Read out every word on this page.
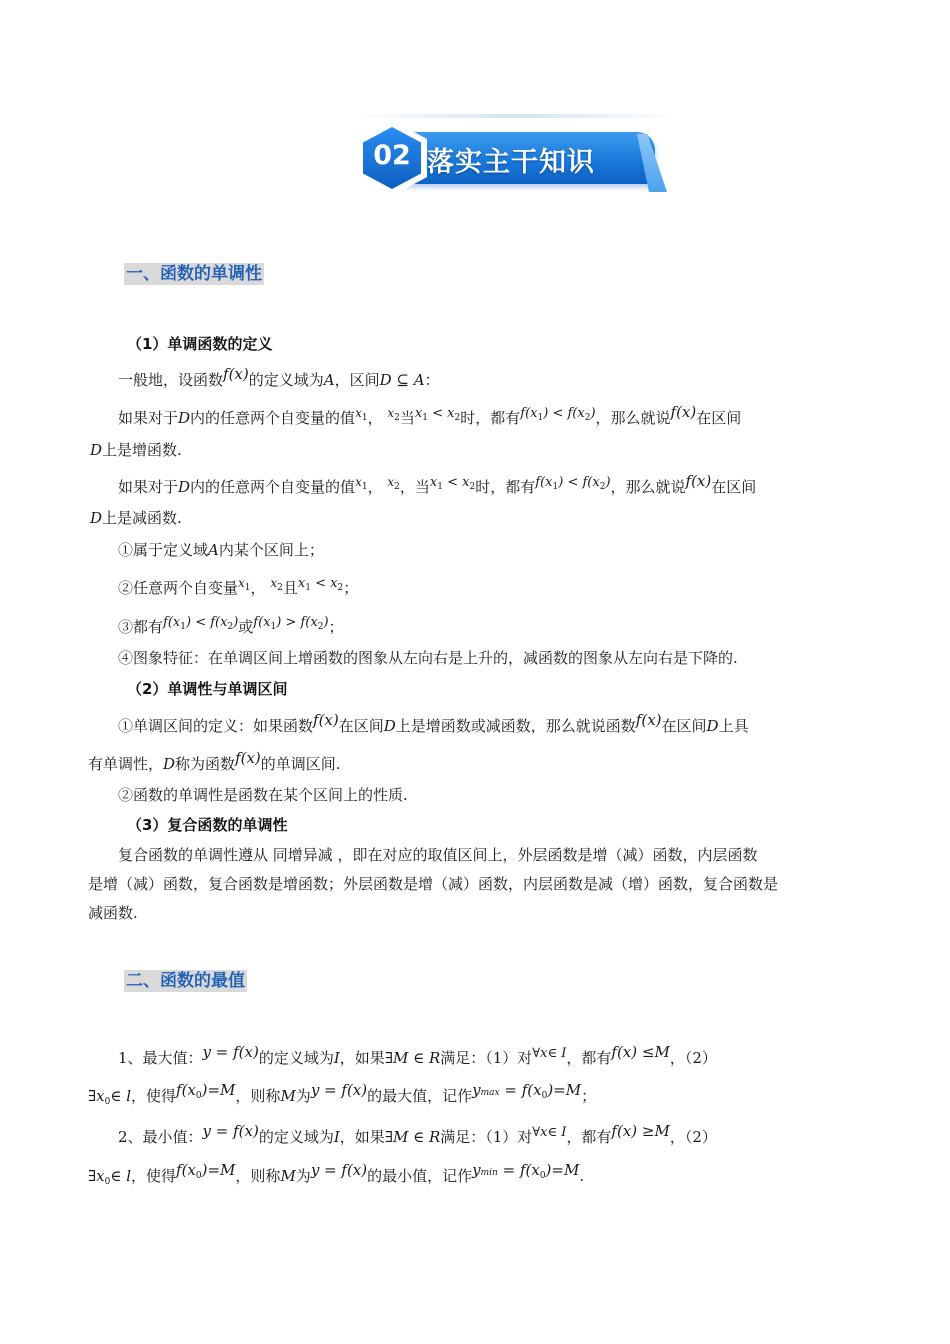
02 落实主干知识
一、函数的单调性
（1）单调函数的定义
一般地，设函数f(x)的定义域为A，区间D ⊆ A：
如果对于D内的任意两个自变量的值$^{x_1}$， $^{x_2}$当$x_1 < x_2$时，都有$f(x_1) < f(x_2)$，那么就说f(x)在区间
D上是增函数.
如果对于D内的任意两个自变量的值$^{x_1}$， $^{x_2}$，当$x_1 < x_2$时，都有$f(x_1) < f(x_2)$，那么就说f(x)在区间
D上是减函数.
①属于定义域A内某个区间上；
②任意两个自变量$^{x_1}$， $^{x_2}$且$x_1 < x_2$；
③都有$f(x_1) < f(x_2)$或$f(x_1) > f(x_2)$；
④图象特征：在单调区间上增函数的图象从左向右是上升的，减函数的图象从左向右是下降的.
（2）单调性与单调区间
①单调区间的定义：如果函数f(x)在区间D上是增函数或减函数，那么就说函数f(x)在区间D上具
有单调性，D称为函数f(x)的单调区间.
②函数的单调性是函数在某个区间上的性质.
（3）复合函数的单调性
复合函数的单调性遵从 同增异减 ，即在对应的取值区间上，外层函数是增（减）函数，内层函数
是增（减）函数，复合函数是增函数；外层函数是增（减）函数，内层函数是减（增）函数，复合函数是
减函数.
二、函数的最值
1、最大值：y = f(x)的定义域为I，如果∃M ∈ R满足：（1）对∀x∈ I，都有f(x) ≤M，（2）
$\exists x_0\in$ l，使得$f(x_0)=M$，则称M为y = f(x)的最大值，记作$ymax = f(x_0)=M$；
2、最小值：y = f(x)的定义域为I，如果∃M ∈ R满足：（1）对∀x∈ I，都有f(x) ≥M，（2）
$\exists x_0\in$ l，使得$f(x_0)=M$，则称M为y = f(x)的最小值，记作$ymin = f(x_0)=M$.
